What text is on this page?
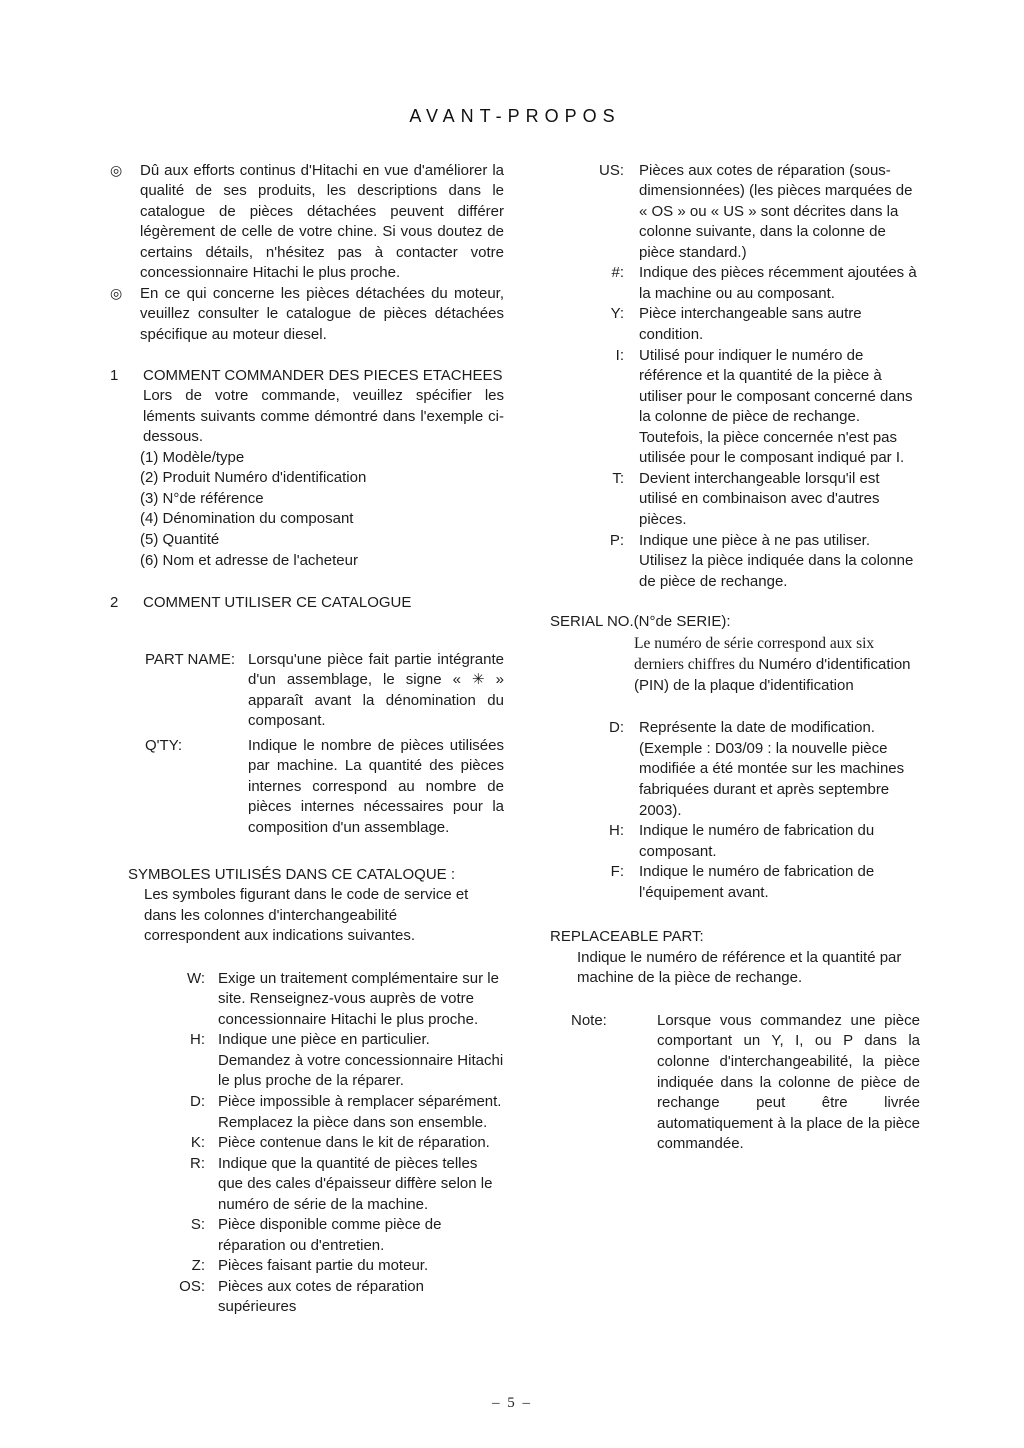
AVANT-PROPOS
◎	Dû aux efforts continus d'Hitachi en vue d'améliorer la qualité de ses produits, les descriptions dans le catalogue de pièces détachées peuvent différer légèrement de celle de votre chine. Si vous doutez de certains détails, n'hésitez pas à contacter votre concessionnaire Hitachi le plus proche.

◎	En ce qui concerne les pièces détachées du moteur, veuillez consulter le catalogue de pièces détachées spécifique au moteur diesel.

1	COMMENT COMMANDER DES PIECES ETACHEES

Lors de votre commande, veuillez spécifier les léments suivants comme démontré dans l'exemple ci-dessous.

(1) Modèle/type
(2) Produit Numéro d'identification
(3) N°de référence
(4) Dénomination du composant
(5) Quantité
(6) Nom et adresse de l'acheteur
2	COMMENT UTILISER CE CATALOGUE
PART NAME: Lorsqu'une pièce fait partie intégrante d'un assemblage, le signe « ✳ » apparaît avant la dénomination du composant.

Q'TY:	Indique le nombre de pièces utilisées par machine. La quantité des pièces internes correspond au nombre de pièces internes nécessaires pour la composition d'un assemblage.

SYMBOLES UTILISÉS DANS CE CATALOQUE :

Les symboles figurant dans le code de service et dans les colonnes d'interchangeabilité correspondent aux indications suivantes.

W: Exige un traitement complémentaire sur le site. Renseignez-vous auprès de votre concessionnaire Hitachi le plus proche.

H: Indique une pièce en particulier. Demandez à votre concessionnaire Hitachi le plus proche de la réparer.

D: Pièce impossible à remplacer séparément. Remplacez la pièce dans son ensemble.

K: Pièce contenue dans le kit de réparation.

R: Indique que la quantité de pièces telles que des cales d'épaisseur diffère selon le numéro de série de la machine.

S: Pièce disponible comme pièce de réparation ou d'entretien.

Z: Pièces faisant partie du moteur.

OS: Pièces aux cotes de réparation supérieures

US:	Pièces aux cotes de réparation (sous-dimensionnées) (les pièces marquées de « OS » ou « US » sont décrites dans la colonne suivante, dans la colonne de pièce standard.)

#:	Indique des pièces récemment ajoutées à la machine ou au composant.

Y:	Pièce interchangeable sans autre condition.

I:	Utilisé pour indiquer le numéro de référence et la quantité de la pièce à utiliser pour le composant concerné dans la colonne de pièce de rechange. Toutefois, la pièce concernée n'est pas utilisée pour le composant indiqué par I.

T:	Devient interchangeable lorsqu'il est utilisé en combinaison avec d'autres pièces.

P:	Indique une pièce à ne pas utiliser. Utilisez la pièce indiquée dans la colonne de pièce de rechange.

SERIAL NO.(N°de SERIE):

Le numéro de série correspond aux six derniers chiffres du Numéro d'identification (PIN) de la plaque d'identification

D:	Représente la date de modification. (Exemple : D03/09 : la nouvelle pièce modifiée a été montée sur les machines fabriquées durant et après septembre 2003).

H:	Indique le numéro de fabrication du composant.

F:	Indique le numéro de fabrication de l'équipement avant.

REPLACEABLE PART:

Indique le numéro de référence et la quantité par machine de la pièce de rechange.

Note:	Lorsque vous commandez une pièce comportant un Y, I, ou P dans la colonne d'interchangeabilité, la pièce indiquée dans la colonne de pièce de rechange peut être livrée automatiquement à la place de la pièce commandée.

– 5 –
